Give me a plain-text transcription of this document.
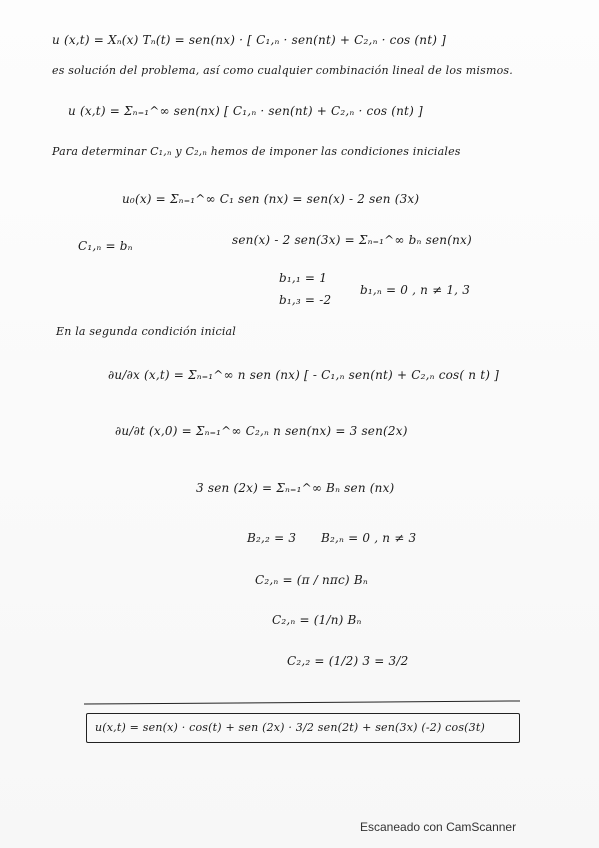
u (x,t) = Xₙ(x) Tₙ(t) = sen(nx) · [ C₁,ₙ · sen(nt) + C₂,ₙ · cos (nt) ]
es solución del problema, así como cualquier combinación lineal de los mismos.
u (x,t) = Σₙ₌₁^∞ sen(nx) [ C₁,ₙ · sen(nt) + C₂,ₙ · cos (nt) ]
Para determinar C₁,ₙ y C₂,ₙ hemos de imponer las condiciones iniciales
u₀(x) = Σₙ₌₁^∞ C₁ sen (nx) = sen(x) - 2 sen (3x)
C₁,ₙ = bₙ	sen(x) - 2 sen(3x) = Σₙ₌₁^∞ bₙ sen(nx)
b₁,₁ = 1
b₁,₃ = -2
b₁,ₙ = 0 , n ≠ 1, 3
En la segunda condición inicial
∂u/∂x (x,t) = Σₙ₌₁^∞ n sen (nx) [ - C₁,ₙ sen(nt) + C₂,ₙ cos( n t) ]
∂u/∂t (x,0) = Σₙ₌₁^∞ C₂,ₙ n sen(nx) = 3 sen(2x)
3 sen (2x) = Σₙ₌₁^∞ Bₙ sen (nx)
B₂,₂ = 3 B₂,ₙ = 0 , n ≠ 3
C₂,ₙ = (π / nπc) Bₙ
C₂,ₙ = (1/n) Bₙ
C₂,₂ = (1/2) 3 = 3/2
u(x,t) = sen(x) · cos(t) + sen (2x) · 3/2 sen(2t) + sen(3x) (-2) cos(3t)
Escaneado con CamScanner
